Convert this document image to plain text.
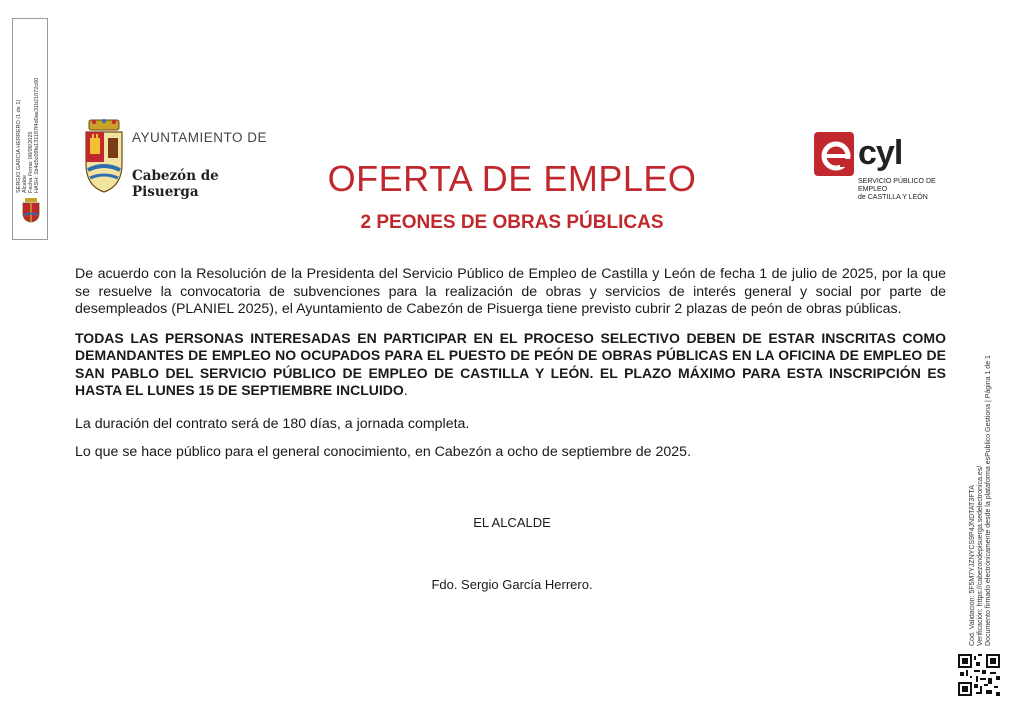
SERGIO GARCIA HERRERO (1 de 1) Alcalde Fecha Firma: 08/09/2025 HASH: 1b4d5c09fa131187f4d0ae31b21072c60	AYUNTAMIENTO DE
Cabezón de Pisuerga	OFERTA DE EMPLEO
2 PEONES DE OBRAS PÚBLICAS
cyl
SERVICIO PÚBLICO DE EMPLEO
de CASTILLA Y LEÓN

De acuerdo con la Resolución de la Presidenta del Servicio Público de Empleo de Castilla y León de fecha 1 de julio de 2025, por la que se resuelve la convocatoria de subvenciones para la realización de obras y servicios de interés general y social por parte de desempleados (PLANIEL 2025), el Ayuntamiento de Cabezón de Pisuerga tiene previsto cubrir 2 plazas de peón de obras públicas.

TODAS LAS PERSONAS INTERESADAS EN PARTICIPAR EN EL PROCESO SELECTIVO DEBEN DE ESTAR INSCRITAS COMO DEMANDANTES DE EMPLEO NO OCUPADOS PARA EL PUESTO DE PEÓN DE OBRAS PÚBLICAS EN LA OFICINA DE EMPLEO DE SAN PABLO DEL SERVICIO PÚBLICO DE EMPLEO DE CASTILLA Y LEÓN. EL PLAZO MÁXIMO PARA ESTA INSCRIPCIÓN ES HASTA EL LUNES 15 DE SEPTIEMBRE INCLUIDO.

La duración del contrato será de 180 días, a jornada completa.

Lo que se hace público para el general conocimiento, en Cabezón a ocho de septiembre de 2025.

EL ALCALDE
Fdo. Sergio García Herrero.	Cód. Validación: 5F5M7YJZNYCS9P4JNDTAT3FTA Verificación: https://cabezondepisuerga.sedelectronica.es/ Documento firmado electrónicamente desde la plataforma esPublico Gestiona | Página 1 de 1
